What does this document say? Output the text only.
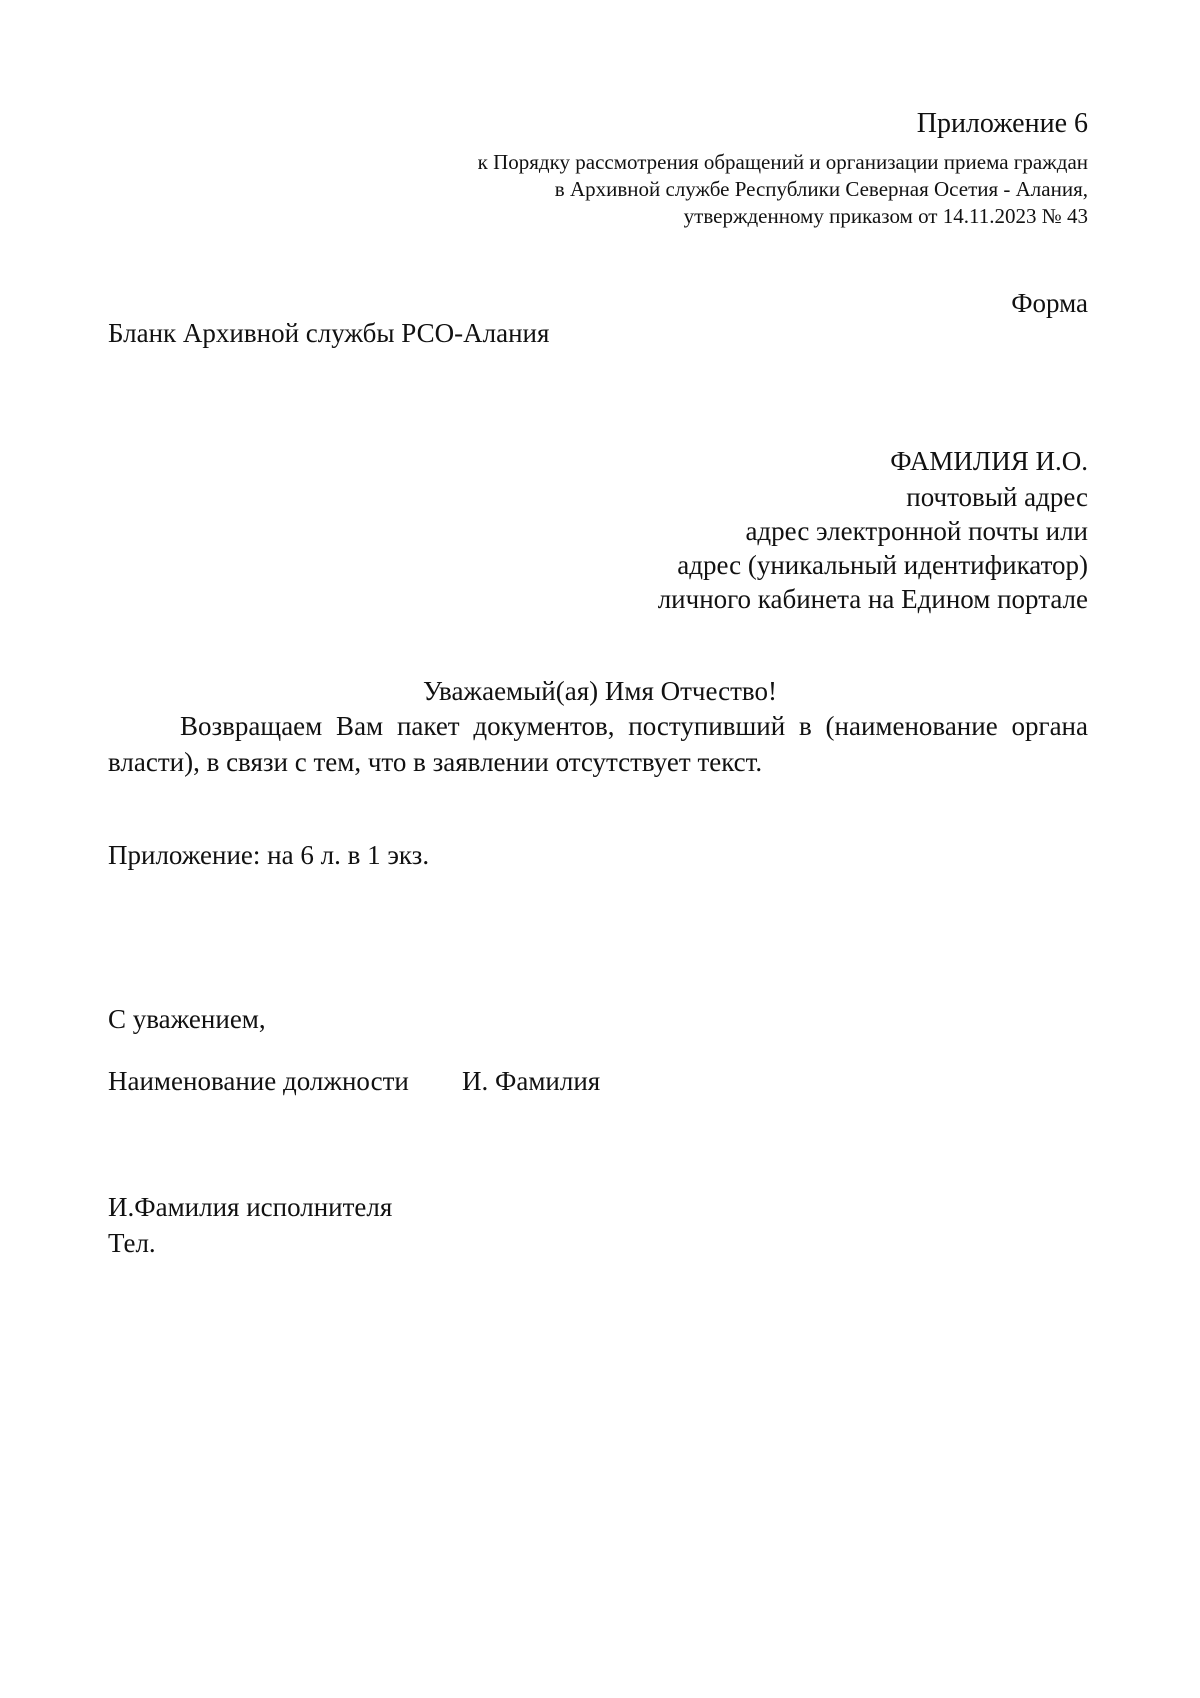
Приложение 6
к Порядку рассмотрения обращений и организации приема граждан
в Архивной службе Республики Северная Осетия - Алания,
утвержденному приказом от 14.11.2023 № 43
Форма
Бланк Архивной службы РСО-Алания
ФАМИЛИЯ И.О.
почтовый адрес
адрес электронной почты или
адрес (уникальный идентификатор)
личного кабинета на Едином портале
Уважаемый(ая) Имя Отчество!

Возвращаем Вам пакет документов, поступивший в (наименование органа власти), в связи с тем, что в заявлении отсутствует текст.

Приложение: на 6 л. в 1 экз.
С уважением,
Наименование должности И. Фамилия
И.Фамилия исполнителя
Тел.
